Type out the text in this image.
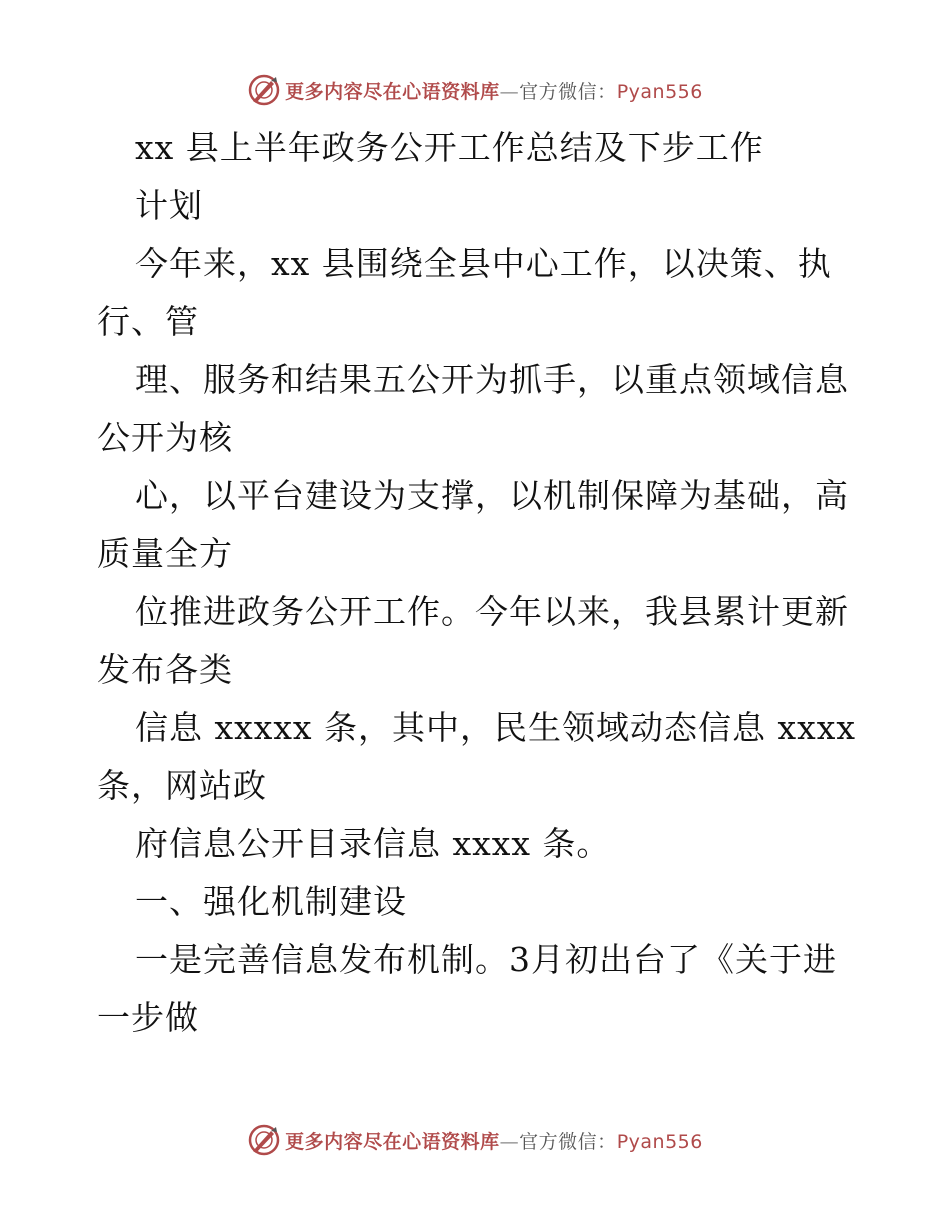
更多内容尽在心语资料库—官方微信：Pyan556
xx 县上半年政务公开工作总结及下步工作
计划
今年来，xx 县围绕全县中心工作，以决策、执
行、管
理、服务和结果五公开为抓手，以重点领域信息
公开为核
心，以平台建设为支撑，以机制保障为基础，高
质量全方
位推进政务公开工作。今年以来，我县累计更新
发布各类
信息 xxxxx 条，其中，民生领域动态信息 xxxx
条，网站政
府信息公开目录信息 xxxx 条。
一、强化机制建设
一是完善信息发布机制。3月初出台了《关于进
一步做
更多内容尽在心语资料库—官方微信：Pyan556
